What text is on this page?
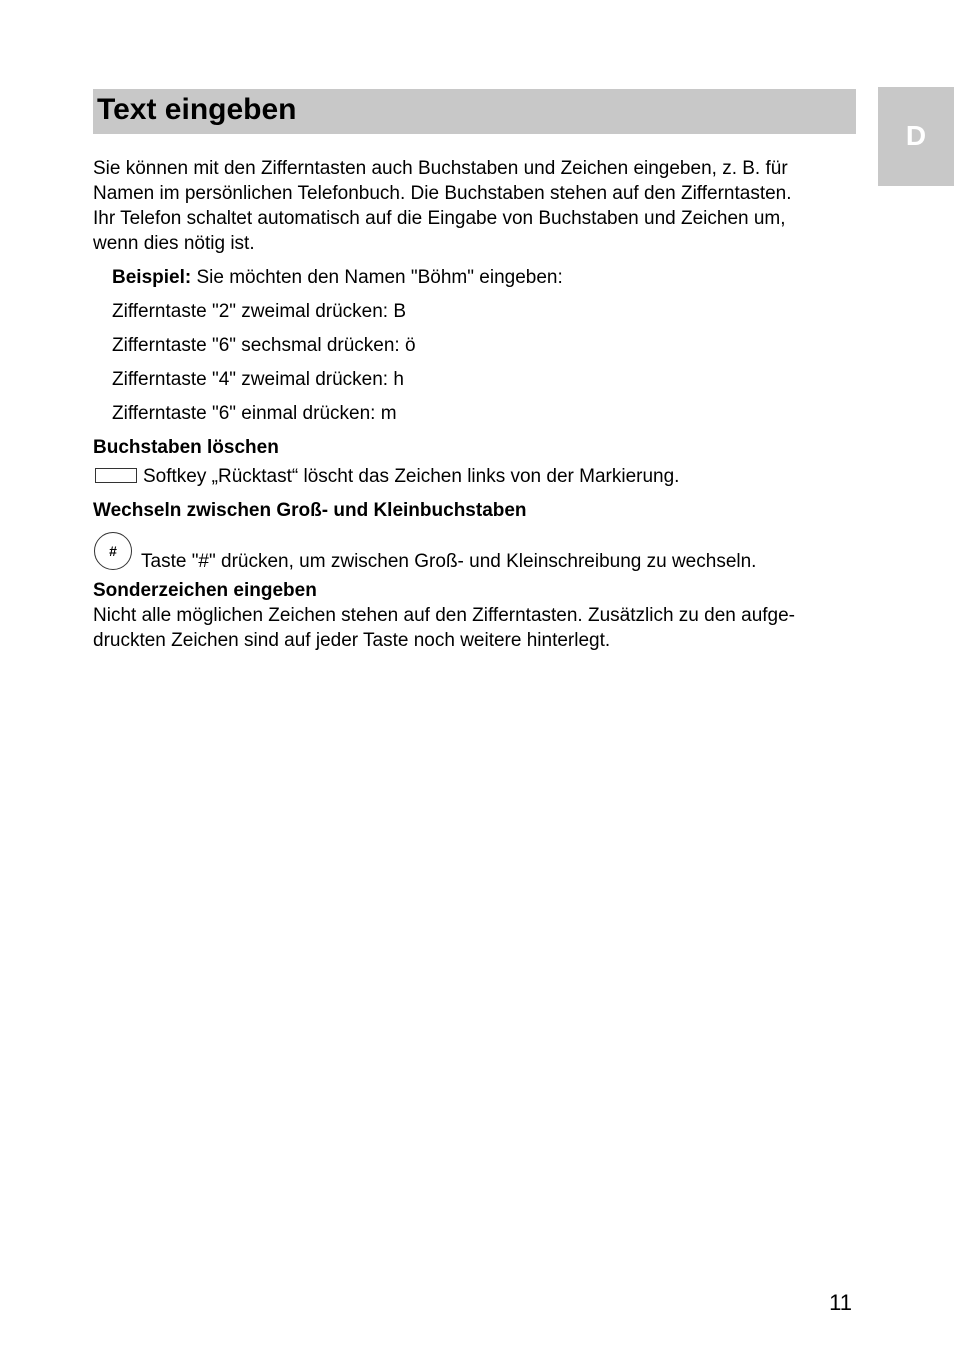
Text eingeben
D

Sie können mit den Zifferntasten auch Buchstaben und Zeichen eingeben, z. B. für
Namen im persönlichen Telefonbuch. Die Buchstaben stehen auf den Zifferntasten.
Ihr Telefon schaltet automatisch auf die Eingabe von Buchstaben und Zeichen um,
wenn dies nötig ist.

Beispiel: Sie möchten den Namen "Böhm" eingeben:

Zifferntaste "2" zweimal drücken: B

Zifferntaste "6" sechsmal drücken: ö

Zifferntaste "4" zweimal drücken: h

Zifferntaste "6" einmal drücken: m

Buchstaben löschen

Softkey „Rücktast“ löscht das Zeichen links von der Markierung.

Wechseln zwischen Groß- und Kleinbuchstaben

#	Taste "#" drücken, um zwischen Groß- und Kleinschreibung zu wechseln.

Sonderzeichen eingeben

Nicht alle möglichen Zeichen stehen auf den Zifferntasten. Zusätzlich zu den aufge-
druckten Zeichen sind auf jeder Taste noch weitere hinterlegt.

11
